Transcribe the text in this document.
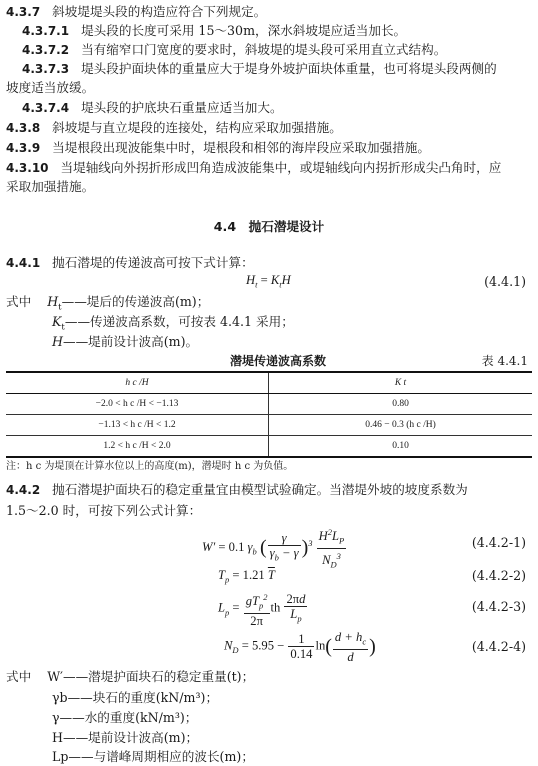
4.3.7 斜坡堤堤头段的构造应符合下列规定。
4.3.7.1 堤头段的长度可采用 15～30m，深水斜坡堤应适当加长。
4.3.7.2 当有缩窄口门宽度的要求时，斜坡堤的堤头段可采用直立式结构。
4.3.7.3 堤头段护面块体的重量应大于堤身外坡护面块体重量，也可将堤头段两侧的
坡度适当放缓。
4.3.7.4 堤头段的护底块石重量应适当加大。
4.3.8 斜坡堤与直立堤段的连接处，结构应采取加强措施。
4.3.9 当堤根段出现波能集中时，堤根段和相邻的海岸段应采取加强措施。
4.3.10 当堤轴线向外拐折形成凹角造成波能集中，或堤轴线向内拐折形成尖凸角时，应
采取加强措施。
4.4　抛石潜堤设计
4.4.1 抛石潜堤的传递波高可按下式计算：
$H_t = K_tH$	(4.4.1)
式中 $H_t——$堤后的传递波高(m)；
$K_t——$传递波高系数，可按表 4.4.1 采用；
H——堤前设计波高(m)。
潜堤传递波高系数	表 4.4.1
h c /H	K t
−2.0 < h c /H < −1.13	0.80
−1.13 < h c /H < 1.2	0.46 − 0.3 (h c /H)
1.2 < h c /H < 2.0	0.10
注：h c 为堤顶在计算水位以上的高度(m)，潜堤时 h c 为负值。
4.4.2 抛石潜堤护面块石的稳定重量宜由模型试验确定。当潜堤外坡的坡度系数为
1.5～2.0 时，可按下列公式计算：
W′ = 0.1 $\gamma_b$ ( $\frac{\gamma}{\gamma_b - \gamma} )^3 \frac{H^2L_P}{N_D^3}$	(4.4.2-1)
$T_p = 1.21$ $\overline{T}$	(4.4.2-2)
$L_p = \frac{gT_p^2}{2\pi}$ th $\frac{2\pi d}{L_p}$	(4.4.2-3)
$N_D = 5.95 - \frac{1}{0.14} \ln( \frac{d + h_c}{d}$ )	(4.4.2-4)
式中 W′——潜堤护面块石的稳定重量(t)；
γb——块石的重度(kN/m³)；
γ——水的重度(kN/m³)；
H——堤前设计波高(m)；
Lp——与谱峰周期相应的波长(m)；
